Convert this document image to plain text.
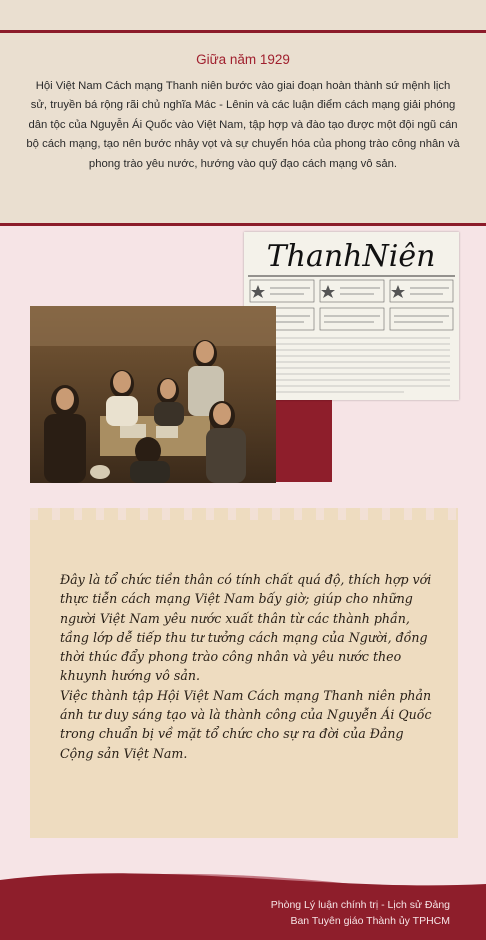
Giữa năm 1929
Hội Việt Nam Cách mạng Thanh niên bước vào giai đoạn hoàn thành sứ mệnh lịch sử, truyền bá rộng rãi chủ nghĩa Mác - Lênin và các luận điểm cách mạng giải phóng dân tộc của Nguyễn Ái Quốc vào Việt Nam, tập hợp và đào tạo được một đội ngũ cán bộ cách mạng, tạo nên bước nhảy vọt và sự chuyển hóa của phong trào công nhân và phong trào yêu nước, hướng vào quỹ đạo cách mạng vô sản.
ThanhNiên
Đây là tổ chức tiền thân có tính chất quá độ, thích hợp với thực tiễn cách mạng Việt Nam bấy giờ; giúp cho những người Việt Nam yêu nước xuất thân từ các thành phần, tầng lớp dễ tiếp thu tư tưởng cách mạng của Người, đồng thời thúc đẩy phong trào công nhân và yêu nước theo khuynh hướng vô sản.
Việc thành tập Hội Việt Nam Cách mạng Thanh niên phản ánh tư duy sáng tạo và là thành công của Nguyễn Ái Quốc trong chuẩn bị về mặt tổ chức cho sự ra đời của Đảng Cộng sản Việt Nam.
Phòng Lý luận chính trị - Lịch sử Đảng
Ban Tuyên giáo Thành ủy TPHCM
